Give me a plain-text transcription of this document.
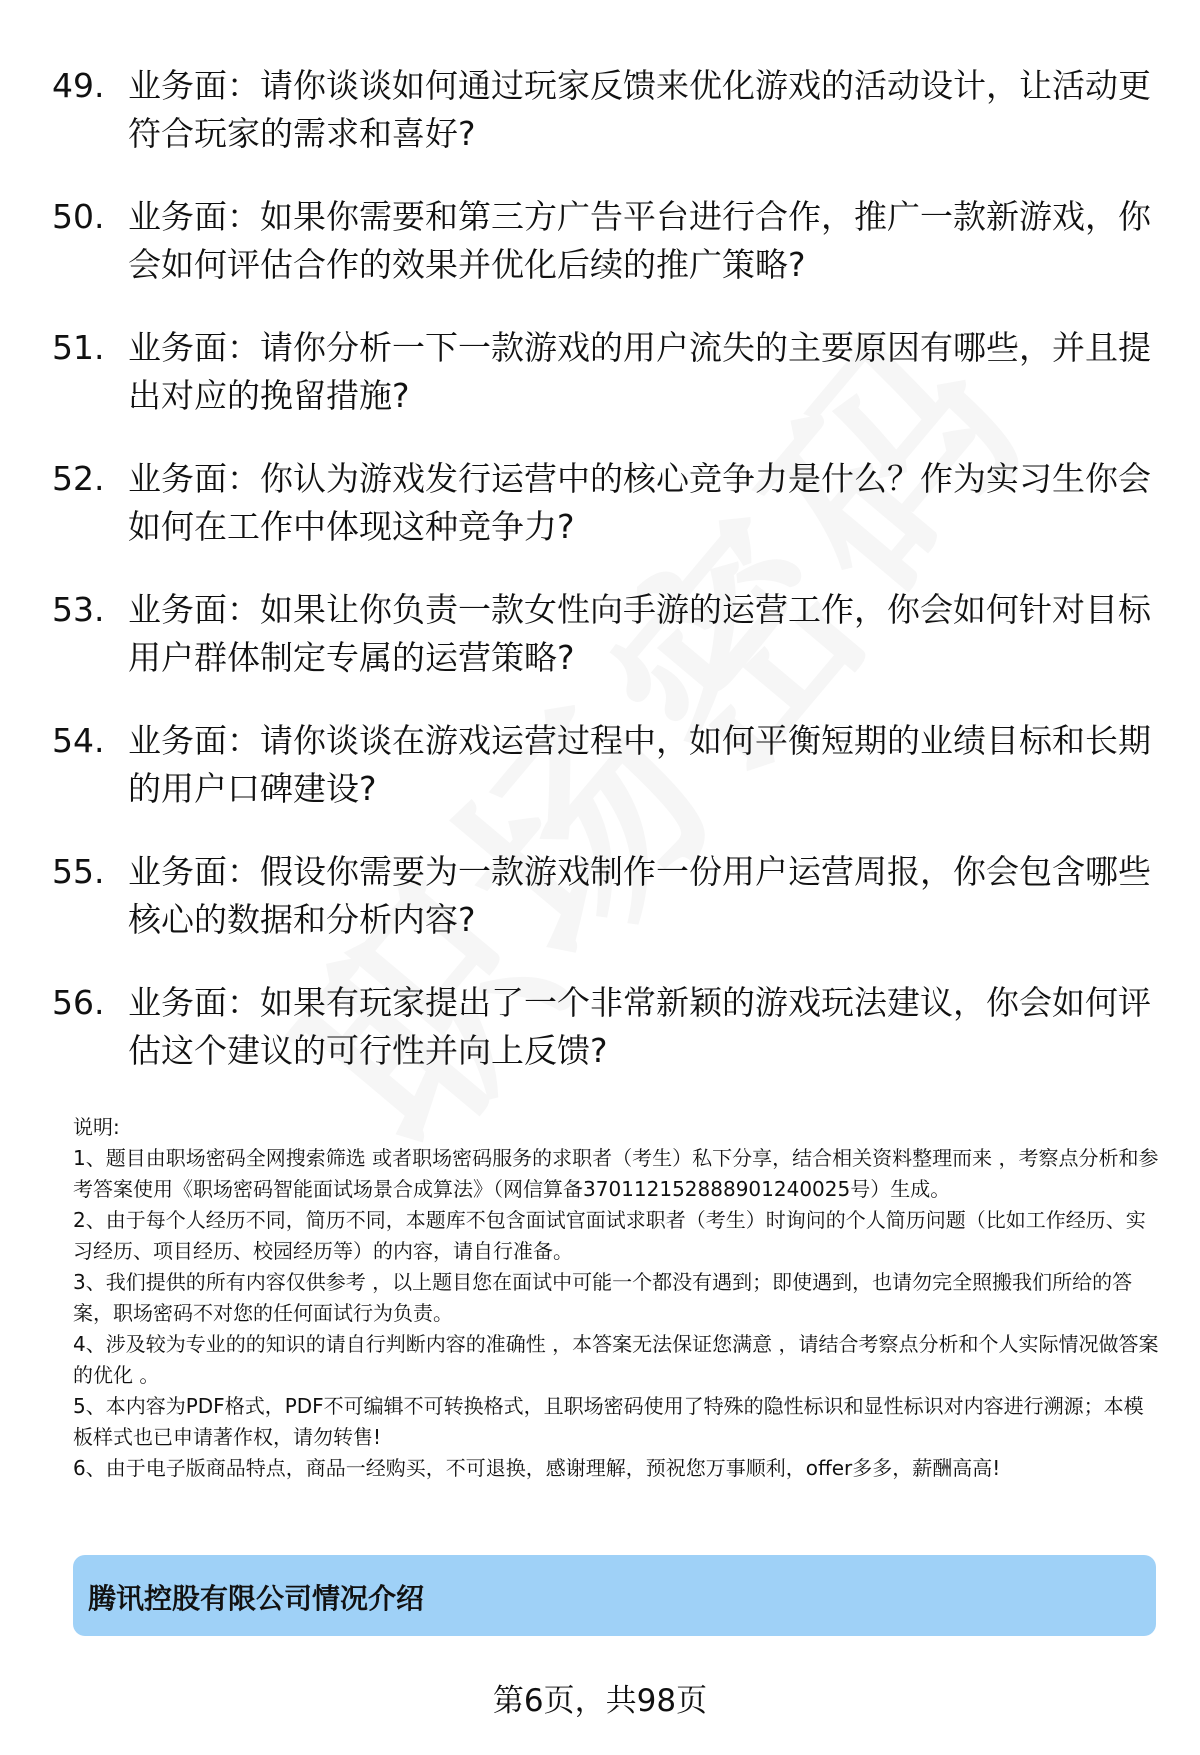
49. 业务面：请你谈谈如何通过玩家反馈来优化游戏的活动设计，让活动更符合玩家的需求和喜好?
50. 业务面：如果你需要和第三方广告平台进行合作，推广一款新游戏，你会如何评估合作的效果并优化后续的推广策略?
51. 业务面：请你分析一下一款游戏的用户流失的主要原因有哪些，并且提出对应的挽留措施?
52. 业务面：你认为游戏发行运营中的核心竞争力是什么？作为实习生你会如何在工作中体现这种竞争力?
53. 业务面：如果让你负责一款女性向手游的运营工作，你会如何针对目标用户群体制定专属的运营策略?
54. 业务面：请你谈谈在游戏运营过程中，如何平衡短期的业绩目标和长期的用户口碑建设?
55. 业务面：假设你需要为一款游戏制作一份用户运营周报，你会包含哪些核心的数据和分析内容?
56. 业务面：如果有玩家提出了一个非常新颖的游戏玩法建议，你会如何评估这个建议的可行性并向上反馈?
说明:
1、题目由职场密码全网搜索筛选 或者职场密码服务的求职者（考生）私下分享，结合相关资料整理而来 ，考察点分析和参考答案使用《职场密码智能面试场景合成算法》（网信算备370112152888901240025号）生成。
2、由于每个人经历不同，简历不同，本题库不包含面试官面试求职者（考生）时询问的个人简历问题（比如工作经历、实习经历、项目经历、校园经历等）的内容，请自行准备。
3、我们提供的所有内容仅供参考 ，以上题目您在面试中可能一个都没有遇到；即使遇到，也请勿完全照搬我们所给的答案，职场密码不对您的任何面试行为负责。
4、涉及较为专业的的知识的请自行判断内容的准确性 ，本答案无法保证您满意 ，请结合考察点分析和个人实际情况做答案的优化 。
5、本内容为PDF格式，PDF不可编辑不可转换格式，且职场密码使用了特殊的隐性标识和显性标识对内容进行溯源；本模板样式也已申请著作权，请勿转售!
6、由于电子版商品特点，商品一经购买，不可退换，感谢理解，预祝您万事顺利，offer多多，薪酬高高!
腾讯控股有限公司情况介绍
第6页，共98页
